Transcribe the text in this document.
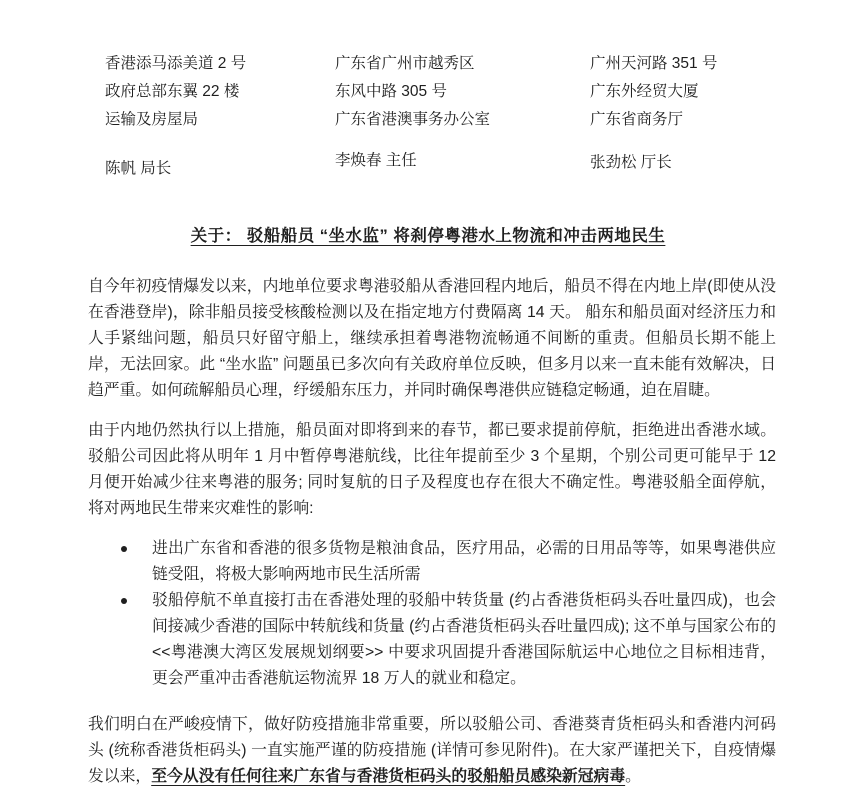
香港添马添美道 2 号
政府总部东翼 22 楼
运输及房屋局
陈帆 局长
广东省广州市越秀区
东风中路 305 号
广东省港澳事务办公室
李焕春 主任
广州天河路 351 号
广东外经贸大厦
广东省商务厅
张劲松 厅长
关于： 驳船船员 “坐水监” 将刹停粤港水上物流和冲击两地民生

自今年初疫情爆发以来，内地单位要求粤港驳船从香港回程内地后，船员不得在内地上岸(即使从没在香港登岸)，除非船员接受核酸检测以及在指定地方付费隔离 14 天。 船东和船员面对经济压力和人手紧绌问题，船员只好留守船上，继续承担着粤港物流畅通不间断的重责。但船员长期不能上岸，无法回家。此 “坐水监” 问题虽已多次向有关政府单位反映，但多月以来一直未能有效解决，日趋严重。如何疏解船员心理，纾缓船东压力，并同时确保粤港供应链稳定畅通，迫在眉睫。

由于内地仍然执行以上措施，船员面对即将到来的春节，都已要求提前停航，拒绝进出香港水域。驳船公司因此将从明年 1 月中暂停粤港航线，比往年提前至少 3 个星期，个别公司更可能早于 12 月便开始减少往来粤港的服务; 同时复航的日子及程度也存在很大不确定性。粤港驳船全面停航，将对两地民生带来灾难性的影响:

进出广东省和香港的很多货物是粮油食品，医疗用品，必需的日用品等等，如果粤港供应链受阻，将极大影响两地市民生活所需
驳船停航不单直接打击在香港处理的驳船中转货量 (约占香港货柜码头吞吐量四成)，也会间接减少香港的国际中转航线和货量 (约占香港货柜码头吞吐量四成); 这不单与国家公布的 <<粤港澳大湾区发展规划纲要>> 中要求巩固提升香港国际航运中心地位之目标相违背，更会严重冲击香港航运物流界 18 万人的就业和稳定。

我们明白在严峻疫情下，做好防疫措施非常重要，所以驳船公司、香港葵青货柜码头和香港内河码头 (统称香港货柜码头) 一直实施严谨的防疫措施 (详情可参见附件)。在大家严谨把关下，自疫情爆发以来，至今从没有任何往来广东省与香港货柜码头的驳船船员感染新冠病毒。
